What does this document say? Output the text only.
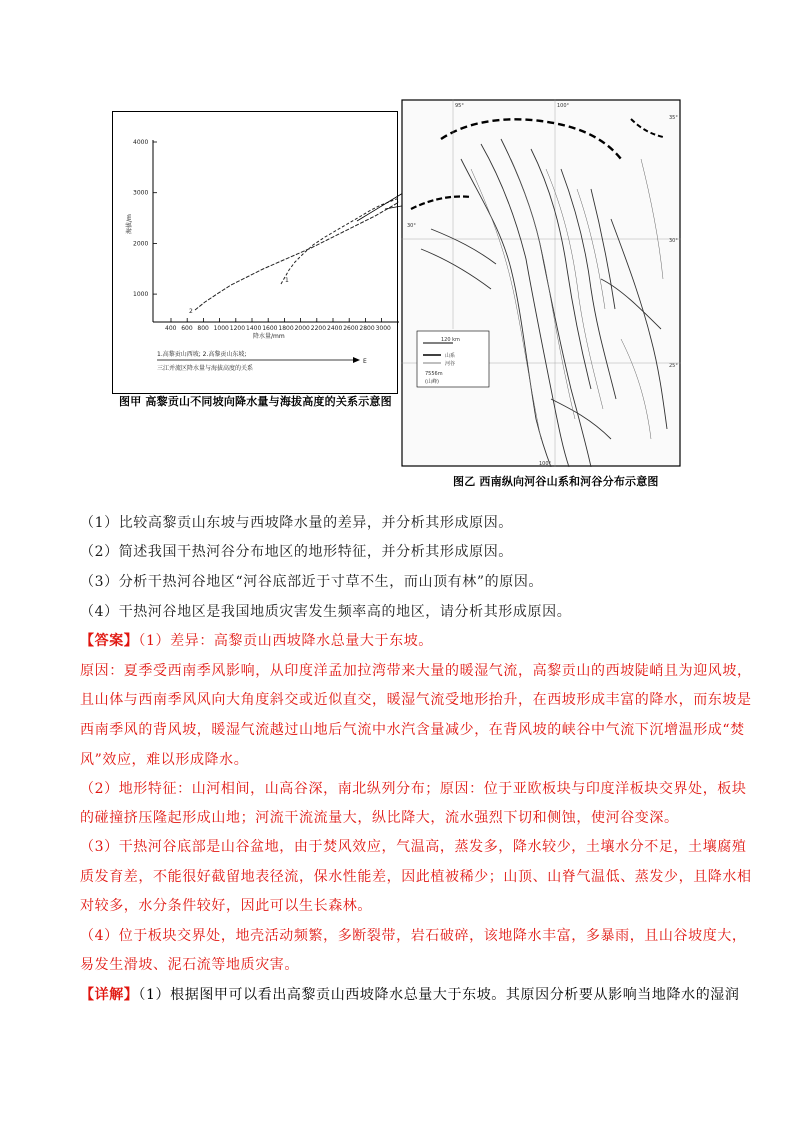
4000
3000
2000
1000
400 600 800 1000 1200 1400 1600 1800 2000 2200 2400 2600 2800 3000
海拔/m
降水量/mm
1
2
1.高黎贡山西坡; 2.高黎贡山东坡;
E
三江并流区降水量与海拔高度的关系
图甲 高黎贡山不同坡向降水量与海拔高度的关系示意图
95°	100°
35°
30°
25°
30°
100°
120 km
山系
河谷
7556m
(山峰)
图乙 西南纵向河谷山系和河谷分布示意图
（1）比较高黎贡山东坡与西坡降水量的差异，并分析其形成原因。
（2）简述我国干热河谷分布地区的地形特征，并分析其形成原因。
（3）分析干热河谷地区“河谷底部近于寸草不生，而山顶有林”的原因。
（4）干热河谷地区是我国地质灾害发生频率高的地区，请分析其形成原因。
【答案】（1）差异：高黎贡山西坡降水总量大于东坡。
原因：夏季受西南季风影响，从印度洋孟加拉湾带来大量的暖湿气流，高黎贡山的西坡陡峭且为迎风坡，
且山体与西南季风风向大角度斜交或近似直交，暖湿气流受地形抬升，在西坡形成丰富的降水，而东坡是
西南季风的背风坡，暖湿气流越过山地后气流中水汽含量减少，在背风坡的峡谷中气流下沉增温形成“焚
风”效应，难以形成降水。
（2）地形特征：山河相间，山高谷深，南北纵列分布；原因：位于亚欧板块与印度洋板块交界处，板块
的碰撞挤压隆起形成山地；河流干流流量大，纵比降大，流水强烈下切和侧蚀，使河谷变深。
（3）干热河谷底部是山谷盆地，由于焚风效应，气温高，蒸发多，降水较少，土壤水分不足，土壤腐殖
质发育差，不能很好截留地表径流，保水性能差，因此植被稀少；山顶、山脊气温低、蒸发少，且降水相
对较多，水分条件较好，因此可以生长森林。
（4）位于板块交界处，地壳活动频繁，多断裂带，岩石破碎，该地降水丰富，多暴雨，且山谷坡度大，
易发生滑坡、泥石流等地质灾害。
【详解】（1）根据图甲可以看出高黎贡山西坡降水总量大于东坡。其原因分析要从影响当地降水的湿润
